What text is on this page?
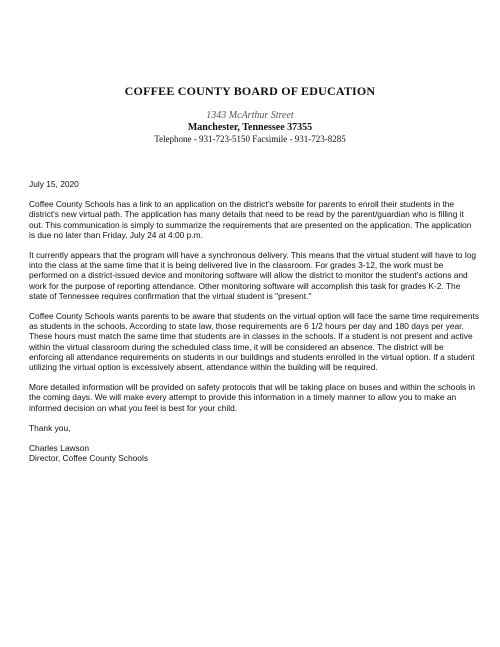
COFFEE COUNTY BOARD OF EDUCATION
1343 McArthur Street
Manchester, Tennessee 37355
Telephone - 931-723-5150 Facsimile - 931-723-8285

July 15, 2020

Coffee County Schools has a link to an application on the district's website for parents to enroll their students in the district's new virtual path. The application has many details that need to be read by the parent/guardian who is filling it out. This communication is simply to summarize the requirements that are presented on the application. The application is due no later than Friday, July 24 at 4:00 p.m.

It currently appears that the program will have a synchronous delivery. This means that the virtual student will have to log into the class at the same time that it is being delivered live in the classroom. For grades 3-12, the work must be performed on a district-issued device and monitoring software will allow the district to monitor the student's actions and work for the purpose of reporting attendance. Other monitoring software will accomplish this task for grades K-2. The state of Tennessee requires confirmation that the virtual student is "present."

Coffee County Schools wants parents to be aware that students on the virtual option will face the same time requirements as students in the schools. According to state law, those requirements are 6 1/2 hours per day and 180 days per year. These hours must match the same time that students are in classes in the schools. If a student is not present and active within the virtual classroom during the scheduled class time, it will be considered an absence. The district will be enforcing all attendance requirements on students in our buildings and students enrolled in the virtual option. If a student utilizing the virtual option is excessively absent, attendance within the building will be required.

More detailed information will be provided on safety protocols that will be taking place on buses and within the schools in the coming days. We will make every attempt to provide this information in a timely manner to allow you to make an informed decision on what you feel is best for your child.

Thank you,

Charles Lawson

Director, Coffee County Schools
